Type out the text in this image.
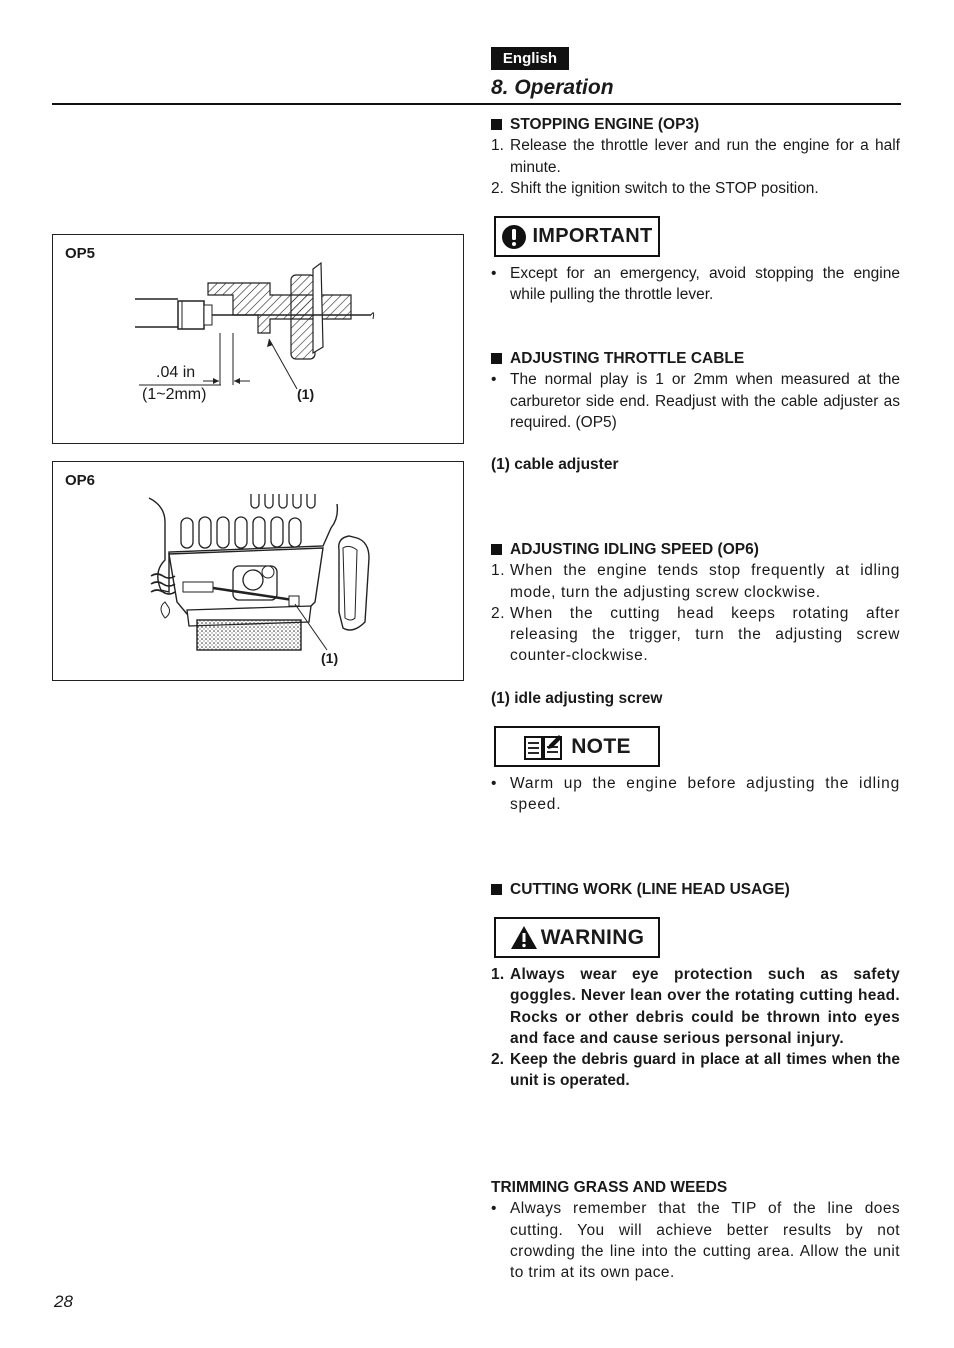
English
8. Operation
OP5
.04 in
(1~2mm)	(1)
OP6
(1)
STOPPING ENGINE (OP3)
1. Release the throttle lever and run the engine for a half minute.
2. Shift the ignition switch to the STOP position.
IMPORTANT
• Except for an emergency, avoid stopping the engine while pulling the throttle lever.
ADJUSTING THROTTLE CABLE
• The normal play is 1 or 2mm when measured at the carburetor side end. Readjust with the cable adjuster as required. (OP5)
(1) cable adjuster
ADJUSTING IDLING SPEED (OP6)
1. When the engine tends stop frequently at idling mode, turn the adjusting screw clockwise.
2. When the cutting head keeps rotating after releasing the trigger, turn the adjusting screw counter-clockwise.
(1) idle adjusting screw
NOTE
• Warm up the engine before adjusting the idling speed.
CUTTING WORK (LINE HEAD USAGE)
WARNING
1. Always wear eye protection such as safety goggles. Never lean over the rotating cutting head. Rocks or other debris could be thrown into eyes and face and cause serious personal injury.
2. Keep the debris guard in place at all times when the unit is operated.
TRIMMING GRASS AND WEEDS
• Always remember that the TIP of the line does cutting. You will achieve better results by not crowding the line into the cutting area. Allow the unit to trim at its own pace.
28
